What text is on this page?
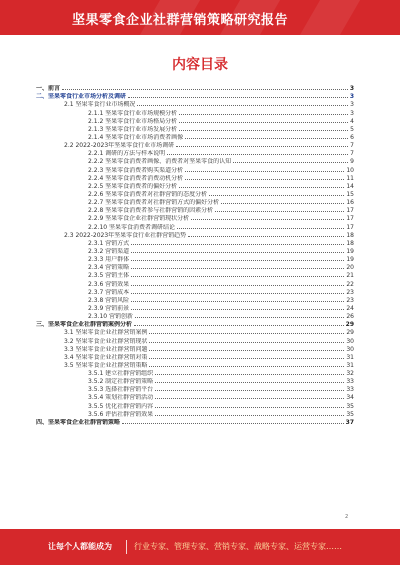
坚果零食企业社群营销策略研究报告
内容目录
一、前言	3
二、坚果零食行业市场分析及调研	3
2.1 坚果零食行业市场概况	3
2.1.1 坚果零食行业市场规模分析	3
2.1.2 坚果零食行业市场格局分析	4
2.1.3 坚果零食行业市场发展分析	5
2.1.4 坚果零食行业市场消费者画像	6
2.2 2022-2023年坚果零食行业市场调研	7
2.2.1 调研的方法与样本说明	7
2.2.2 坚果零食消费者画像、消费者对坚果零食的认知	9
2.2.3 坚果零食消费者购买渠道分析	10
2.2.4 坚果零食消费者消费动机分析	11
2.2.5 坚果零食消费者的偏好分析	14
2.2.6 坚果零食消费者对社群营销的态度分析	15
2.2.7 坚果零食消费者对社群营销方式的偏好分析	16
2.2.8 坚果零食消费者参与社群营销的因素分析	17
2.2.9 坚果零食企业社群营销现状分析	17
2.2.10 坚果零食消费者调研结论	17
2.3 2022-2023年坚果零食行业社群营销趋势	18
2.3.1 营销方式	18
2.3.2 营销渠道	19
2.3.3 用户群体	19
2.3.4 营销策略	20
2.3.5 营销主体	21
2.3.6 营销效果	22
2.3.7 营销成本	23
2.3.8 营销风险	23
2.3.9 营销前景	24
2.3.10 营销创新	26
三、坚果零食企业社群营销案例分析	29
3.1 坚果零食企业社群营销案例	29
3.2 坚果零食企业社群营销现状	30
3.3 坚果零食企业社群营销问题	30
3.4 坚果零食企业社群营销对策	31
3.5 坚果零食企业社群营销策略	31
3.5.1 建立社群营销组织	32
3.5.2 制定社群营销策略	33
3.5.3 选择社群营销平台	33
3.5.4 策划社群营销活动	34
3.5.5 优化社群营销内容	35
3.5.6 评估社群营销效果	35
四、坚果零食企业社群营销策略	37
2
让每个人都能成为	行业专家、管理专家、营销专家、战略专家、运营专家……
